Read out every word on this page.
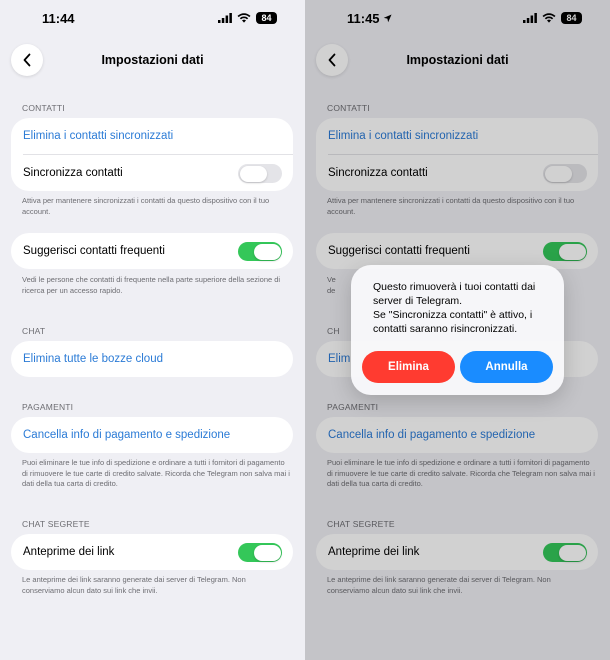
11:44	84
Impostazioni dati
CONTATTI
Elimina i contatti sincronizzati
Sincronizza contatti
Attiva per mantenere sincronizzati i contatti da questo dispositivo con il tuo account.
Suggerisci contatti frequenti
Vedi le persone che contatti di frequente nella parte superiore della sezione di ricerca per un accesso rapido.
CHAT
Elimina tutte le bozze cloud
PAGAMENTI
Cancella info di pagamento e spedizione
Puoi eliminare le tue info di spedizione e ordinare a tutti i fornitori di pagamento di rimuovere le tue carte di credito salvate. Ricorda che Telegram non salva mai i dati della tua carta di credito.
CHAT SEGRETE
Anteprime dei link
Le anteprime dei link saranno generate dai server di Telegram. Non conserviamo alcun dato sui link che invii.
11:45	84
Impostazioni dati
CONTATTI
Elimina i contatti sincronizzati
Sincronizza contatti
Attiva per mantenere sincronizzati i contatti da questo dispositivo con il tuo account.
Suggerisci contatti frequenti
Ve
de
CH
Elim
PAGAMENTI
Cancella info di pagamento e spedizione
Puoi eliminare le tue info di spedizione e ordinare a tutti i fornitori di pagamento di rimuovere le tue carte di credito salvate. Ricorda che Telegram non salva mai i dati della tua carta di credito.
CHAT SEGRETE
Anteprime dei link
Le anteprime dei link saranno generate dai server di Telegram. Non conserviamo alcun dato sui link che invii.
Questo rimuoverà i tuoi contatti dai server di Telegram.
Se "Sincronizza contatti" è attivo, i contatti saranno risincronizzati.
Elimina	Annulla
